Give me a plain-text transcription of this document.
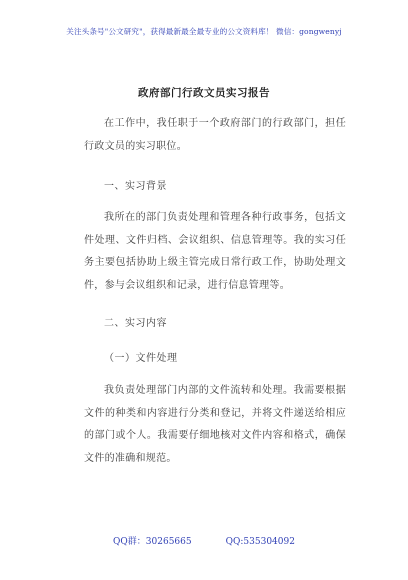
关注头条号"公文研究"，获得最新最全最专业的公文资料库！ 微信：gongwenyj
政府部门行政文员实习报告

在工作中，我任职于一个政府部门的行政部门，担任行政文员的实习职位。

一、实习背景

我所在的部门负责处理和管理各种行政事务，包括文件处理、文件归档、会议组织、信息管理等。我的实习任务主要包括协助上级主管完成日常行政工作，协助处理文件，参与会议组织和记录，进行信息管理等。

二、实习内容

（一）文件处理

我负责处理部门内部的文件流转和处理。我需要根据文件的种类和内容进行分类和登记，并将文件递送给相应的部门或个人。我需要仔细地核对文件内容和格式，确保文件的准确和规范。

QQ群：30265665	QQ:535304092
